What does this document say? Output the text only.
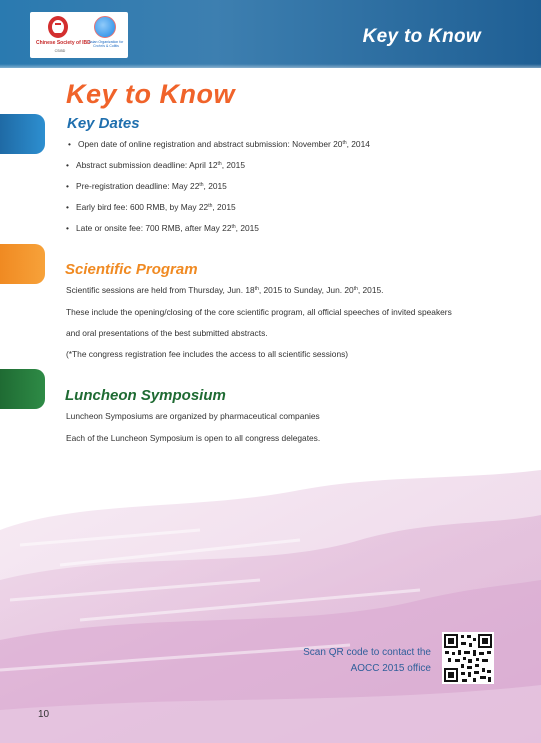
Chinese Society of IBD
CSIBD
Asian Organization for Crohn's & Colitis	Key to Know
Key to Know
Key Dates
• Open date of online registration and abstract submission: November 20th, 2014
• Abstract submission deadline: April 12th, 2015
• Pre-registration deadline: May 22th, 2015
• Early bird fee: 600 RMB, by May 22th, 2015
• Late or onsite fee: 700 RMB, after May 22th, 2015
Scientific Program
Scientific sessions are held from Thursday, Jun. 18th, 2015 to Sunday, Jun. 20th, 2015.
These include the opening/closing of the core scientific program, all official speeches of invited speakers
and oral presentations of the best submitted abstracts.
(*The congress registration fee includes the access to all scientific sessions)
Luncheon Symposium
Luncheon Symposiums are organized by pharmaceutical companies
Each of the Luncheon Symposium is open to all congress delegates.
Scan QR code to contact the
AOCC 2015 office
10
